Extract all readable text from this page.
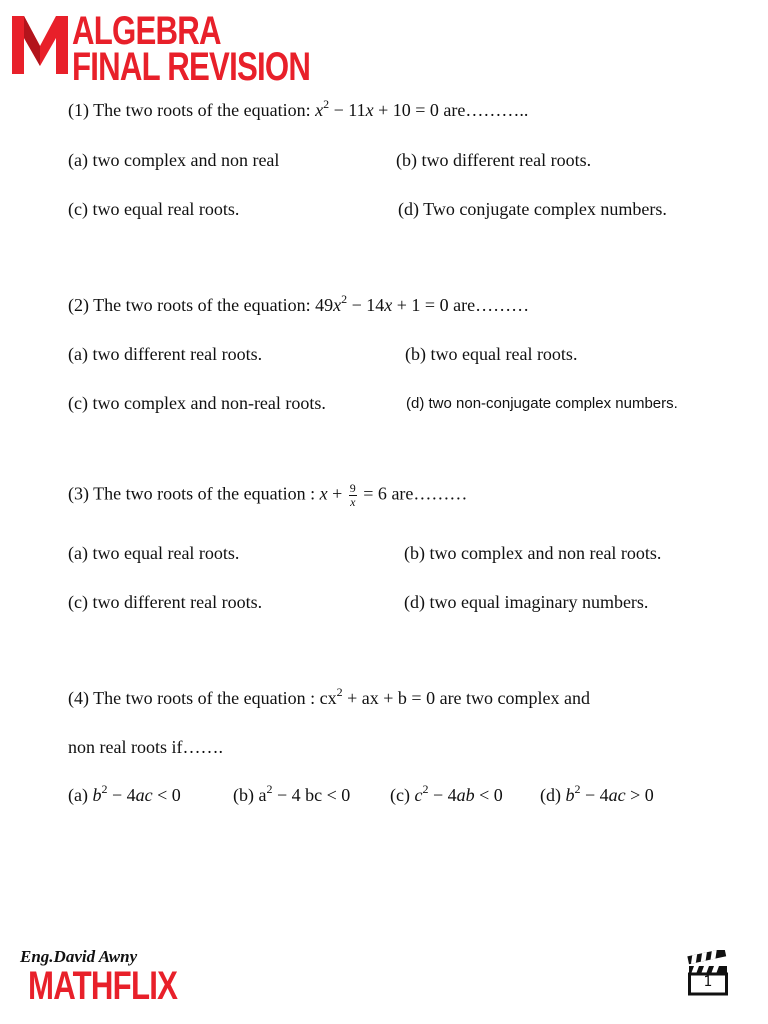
ALGEBRA
FINAL REVISION
(1) The two roots of the equation: $x^2 - 11x + 10 = 0$ are………..
(a) two complex and non real	(b) two different real roots.
(c) two equal real roots.	(d) Two conjugate complex numbers.
(2) The two roots of the equation: $49x^2 - 14x + 1 = 0$ are………
(a) two different real roots.	(b) two equal real roots.
(c) two complex and non-real roots.	(d) two non-conjugate complex numbers.
(3) The two roots of the equation : $x + \frac{9}{x} = 6$ are………
(a) two equal real roots.	(b) two complex and non real roots.
(c) two different real roots.	(d) two equal imaginary numbers.
(4) The two roots of the equation : $cx^2$ + ax + b = 0 are two complex and
non real roots if…….
(a) $b^2 - 4ac < 0$	(b) $a^2 - 4$ bc < 0 (c) $c^2 - 4ab < 0$ (d) $b^2 - 4ac > 0$
Eng.David Awny
MATHFLIX	1
